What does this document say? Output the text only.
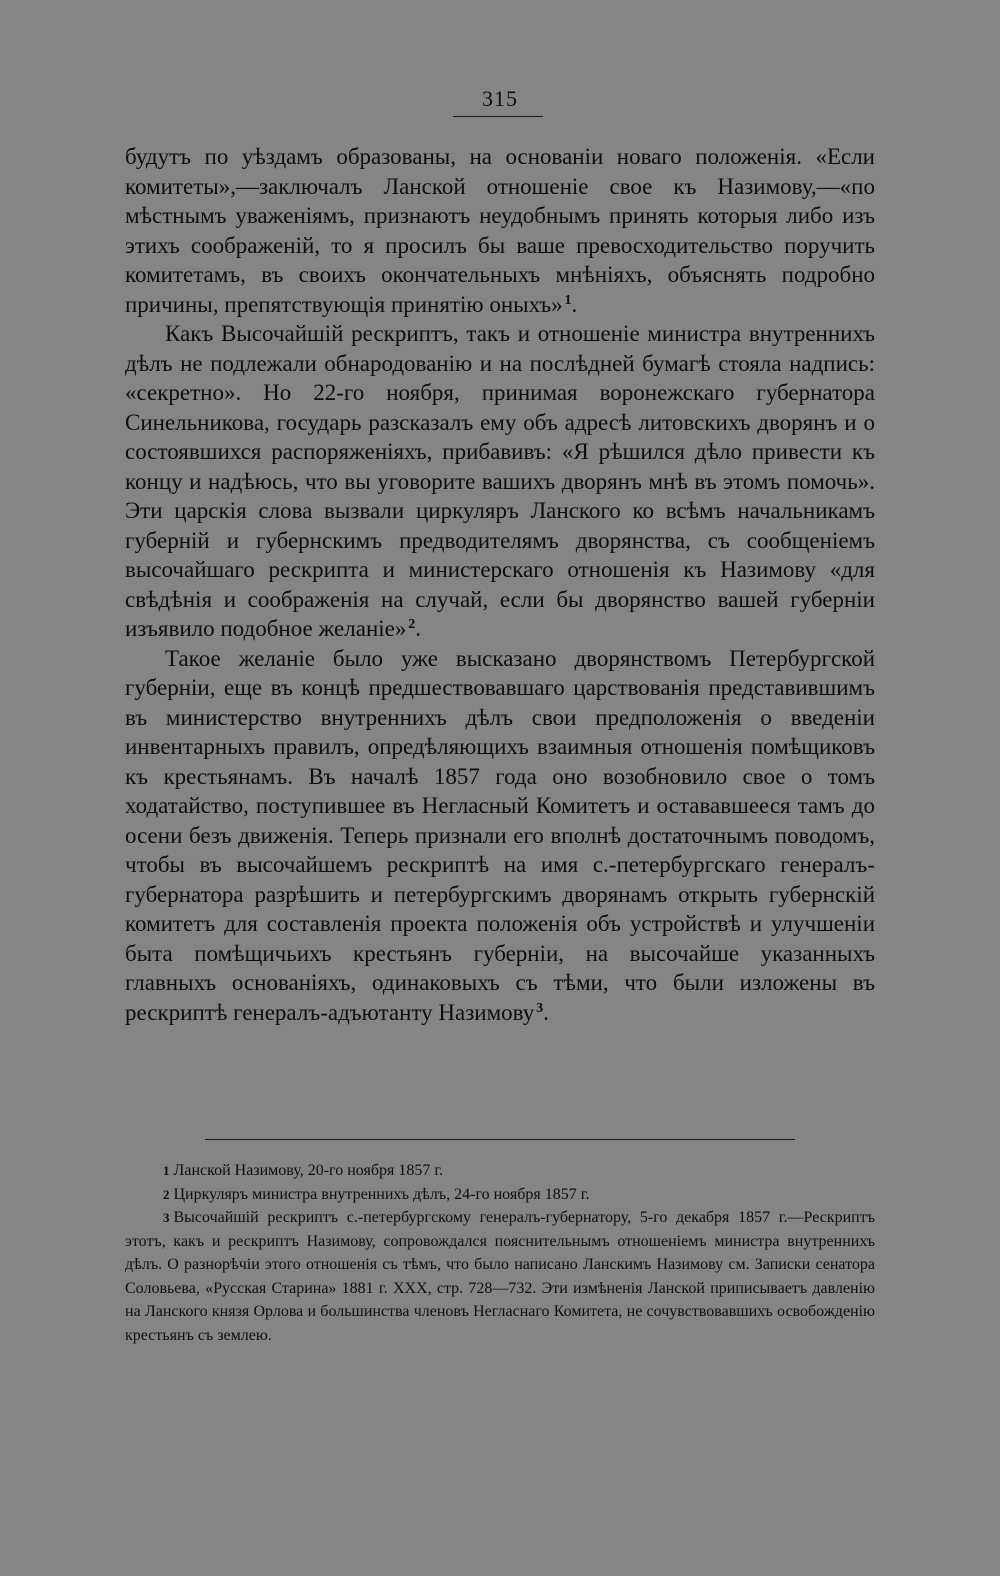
315

будутъ по уѣздамъ образованы, на основаніи новаго положенія. «Если комитеты»,—заключалъ Ланской отношеніе свое къ Назимову,—«по мѣстнымъ уваженіямъ, признаютъ неудобнымъ принять которыя либо изъ этихъ соображеній, то я просилъ бы ваше превосходительство поручить комитетамъ, въ своихъ окончательныхъ мнѣніяхъ, объяснять подробно причины, препятствующія принятію оныхъ»  $^1$.

Какъ Высочайшій рескриптъ, такъ и отношеніе министра внутреннихъ дѣлъ не подлежали обнародованію и на послѣдней бумагѣ стояла надпись: «секретно». Но 22-го ноября, принимая воронежскаго губернатора Синельникова, государь разсказалъ ему объ адресѣ литовскихъ дворянъ и о состоявшихся распоряженіяхъ, прибавивъ: «Я рѣшился дѣло привести къ концу и надѣюсь, что вы уговорите вашихъ дворянъ мнѣ въ этомъ помочь». Эти царскія слова вызвали циркуляръ Ланского ко всѣмъ начальникамъ губерній и губернскимъ предводителямъ дворянства, съ сообщеніемъ высочайшаго рескрипта и министерскаго отношенія къ Назимову «для свѣдѣнія и соображенія на случай, если бы дворянство вашей губерніи изъявило подобное желаніе»  $^2$.

Такое желаніе было уже высказано дворянствомъ Петербургской губерніи, еще въ концѣ предшествовавшаго царствованія представившимъ въ министерство внутреннихъ дѣлъ свои предположенія о введеніи инвентарныхъ правилъ, опредѣляющихъ взаимныя отношенія помѣщиковъ къ крестьянамъ. Въ началѣ 1857 года оно возобновило свое о томъ ходатайство, поступившее въ Негласный Комитетъ и остававшееся тамъ до осени безъ движенія. Теперь признали его вполнѣ достаточнымъ поводомъ, чтобы въ высочайшемъ рескриптѣ на имя с.-петербургскаго генералъ-губернатора разрѣшить и петербургскимъ дворянамъ открыть губернскій комитетъ для составленія проекта положенія объ устройствѣ и улучшеніи быта помѣщичьихъ крестьянъ губерніи, на высочайше указанныхъ главныхъ основаніяхъ, одинаковыхъ съ тѣми, что были изложены въ рескриптѣ генералъ-адъютанту Назимову  $^3$.

1 Ланской Назимову, 20-го ноября 1857 г.

2 Циркуляръ министра внутреннихъ дѣлъ, 24-го ноября 1857 г.

3 Высочайшій рескриптъ с.-петербургскому генералъ-губернатору, 5-го декабря 1857 г.—Рескриптъ этотъ, какъ и рескриптъ Назимову, сопровождался пояснительнымъ отношеніемъ министра внутреннихъ дѣлъ. О разнорѣчіи этого отношенія съ тѣмъ, что было написано Ланскимъ Назимову см. Записки сенатора Соловьева, «Русская Старина» 1881 г. XXX, стр. 728—732. Эти измѣненія Ланской приписываетъ давленію на Ланского князя Орлова и большинства членовъ Негласнаго Комитета, не сочувствовавшихъ освобожденію крестьянъ съ землею.
